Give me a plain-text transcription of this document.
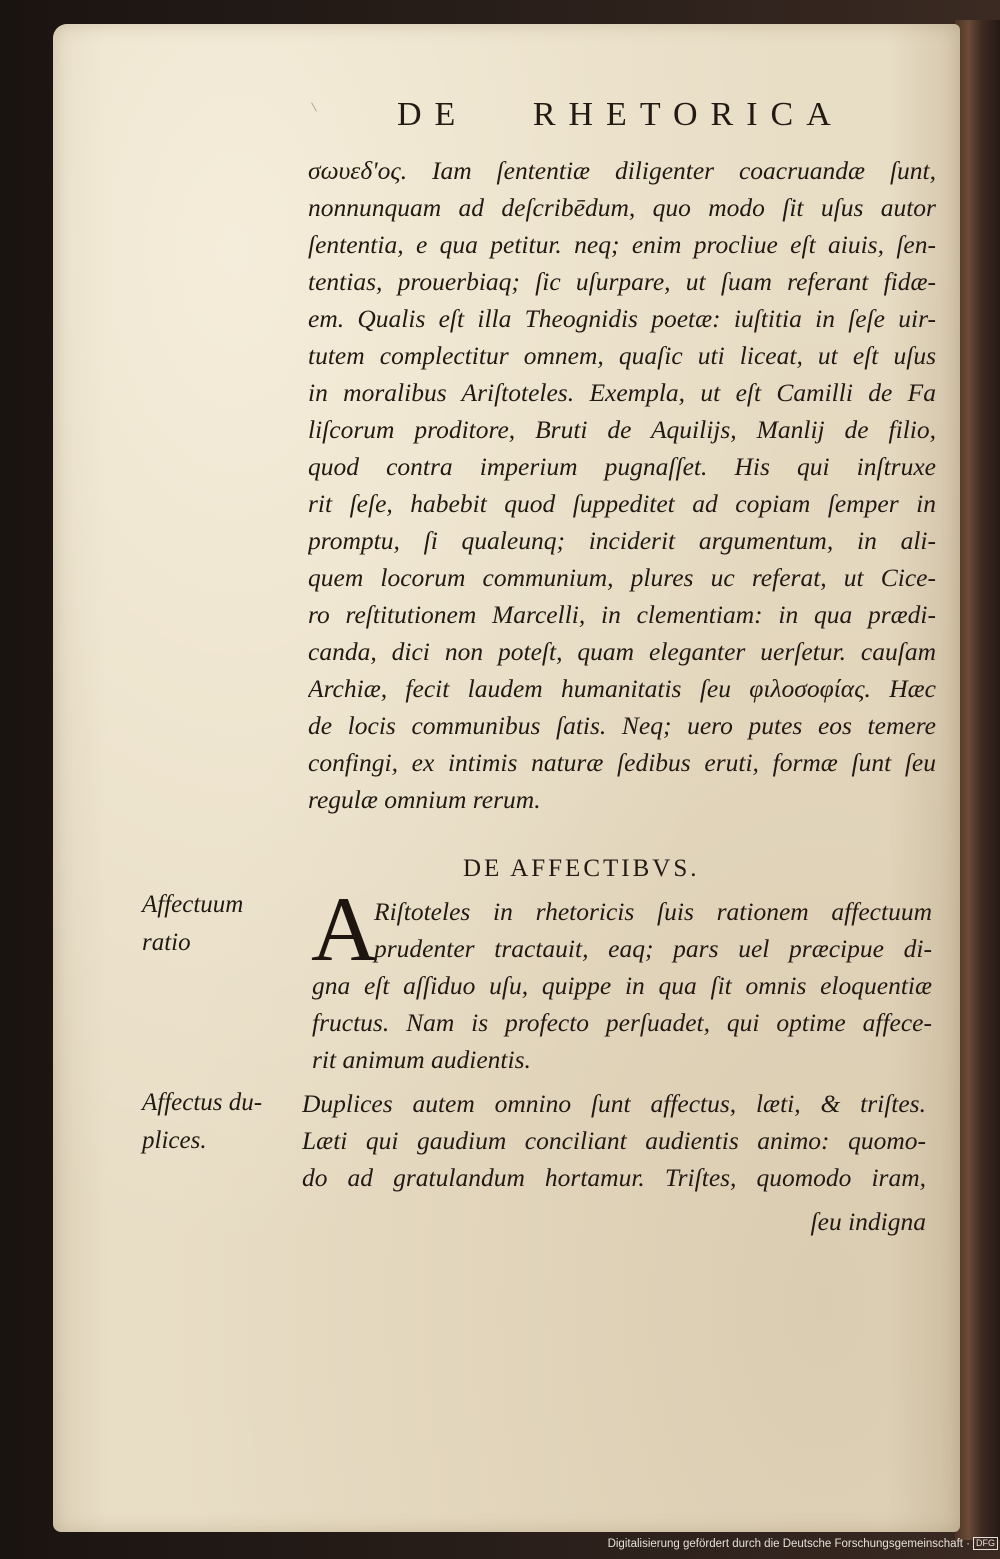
DE   RHETORICA
σωυεδ'ος. Iam ſententiæ diligenter coacruandæ ſunt,
nonnunquam ad deſcribēdum, quo modo ſit uſus autor
ſententia, e qua petitur. neq; enim procliue eſt aiuis, ſen-
tentias, prouerbiaq; ſic uſurpare, ut ſuam referant fidæ-
em. Qualis eſt illa Theognidis poetæ: iuſtitia in ſeſe uir-
tutem complectitur omnem, quaſic uti liceat, ut eſt uſus
in moralibus Ariſtoteles. Exempla, ut eſt Camilli de Fa
liſcorum proditore, Bruti de Aquilijs, Manlij de filio,
quod contra imperium pugnaſſet. His qui inſtruxe
rit ſeſe, habebit quod ſuppeditet ad copiam ſemper in
promptu, ſi qualeunq; inciderit argumentum, in ali-
quem locorum communium, plures uc referat, ut Cice-
ro reſtitutionem Marcelli, in clementiam: in qua prædi-
canda, dici non poteſt, quam eleganter uerſetur. cauſam
Archiæ, fecit laudem humanitatis ſeu φιλοσοφίας. Hæc
de locis communibus ſatis. Neq; uero putes eos temere
confingi, ex intimis naturæ ſedibus eruti, formæ ſunt ſeu
regulæ omnium rerum.
DE AFFECTIBVS.
A
Riſtoteles in rhetoricis ſuis rationem affectuum
prudenter tractauit, eaq; pars uel præcipue di-
gna eſt aſſiduo uſu, quippe in qua ſit omnis eloquentiæ
fructus. Nam is profecto perſuadet, qui optime affece-
rit animum audientis.
Duplices autem omnino ſunt affectus, læti, & triſtes.
Læti qui gaudium conciliant audientis animo: quomo-
do ad gratulandum hortamur. Triſtes, quomodo iram,
ſeu indigna
Affectuum
ratio
Affectus du-
plices.
Digitalisierung gefördert durch die Deutsche Forschungsgemeinschaft · DFG
